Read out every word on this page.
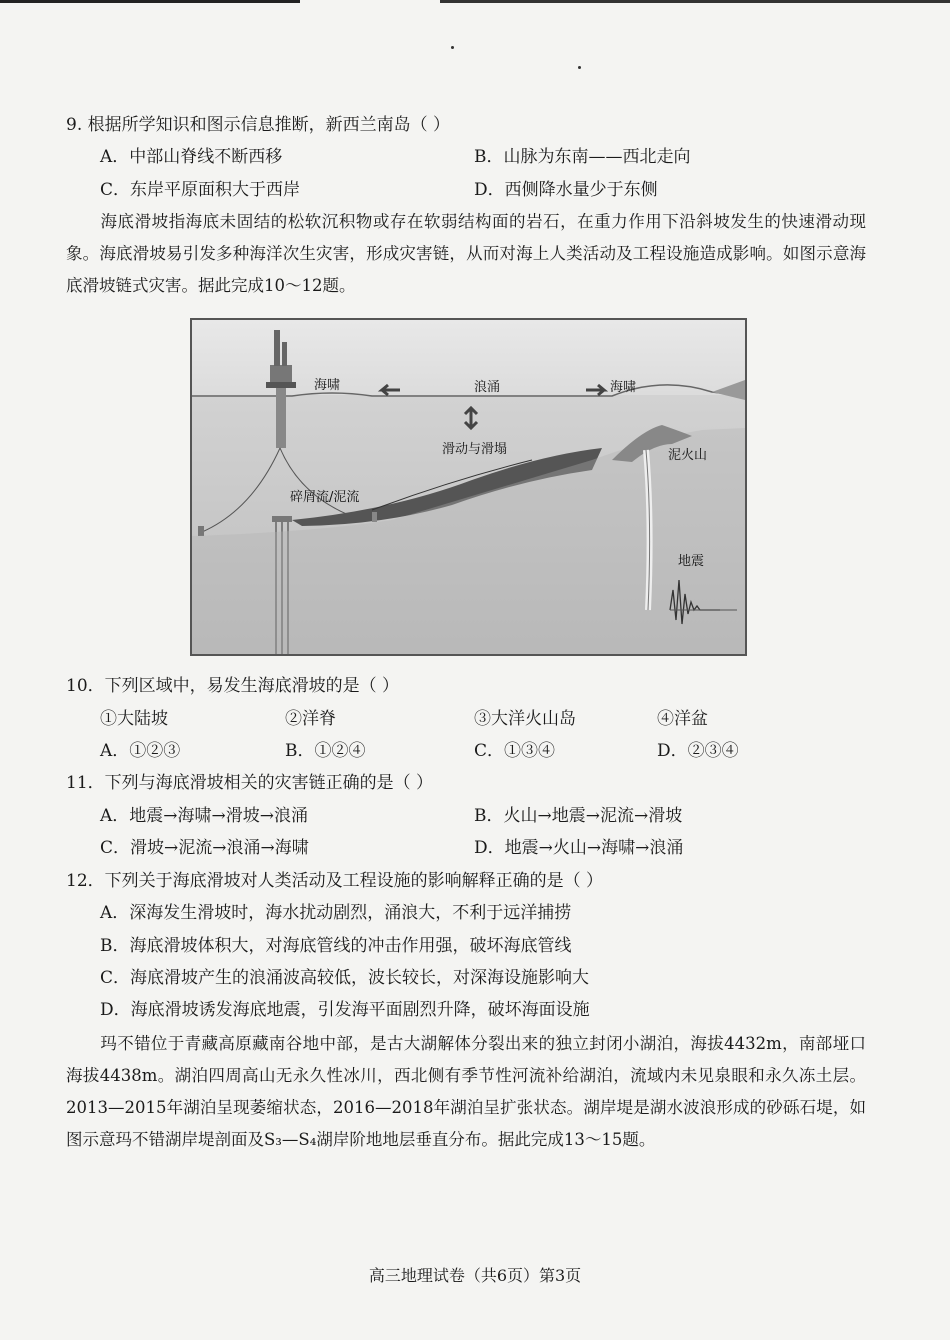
9. 根据所学知识和图示信息推断，新西兰南岛（ ）
A．中部山脊线不断西移	B．山脉为东南——西北走向
C．东岸平原面积大于西岸	D．西侧降水量少于东侧
海底滑坡指海底未固结的松软沉积物或存在软弱结构面的岩石，在重力作用下沿斜坡发生的快速滑动现象。海底滑坡易引发多种海洋次生灾害，形成灾害链，从而对海上人类活动及工程设施造成影响。如图示意海底滑坡链式灾害。据此完成10～12题。
海啸	浪涌	海啸
滑动与滑塌
碎屑流/泥流
泥火山
地震
10．下列区域中，易发生海底滑坡的是（ ）
①大陆坡	②洋脊	③大洋火山岛	④洋盆
A．①②③	B．①②④	C．①③④	D．②③④
11．下列与海底滑坡相关的灾害链正确的是（ ）
A．地震→海啸→滑坡→浪涌	B．火山→地震→泥流→滑坡
C．滑坡→泥流→浪涌→海啸	D．地震→火山→海啸→浪涌
12．下列关于海底滑坡对人类活动及工程设施的影响解释正确的是（ ）
A．深海发生滑坡时，海水扰动剧烈，涌浪大，不利于远洋捕捞
B．海底滑坡体积大，对海底管线的冲击作用强，破坏海底管线
C．海底滑坡产生的浪涌波高较低，波长较长，对深海设施影响大
D．海底滑坡诱发海底地震，引发海平面剧烈升降，破坏海面设施
玛不错位于青藏高原藏南谷地中部，是古大湖解体分裂出来的独立封闭小湖泊，海拔4432m，南部垭口海拔4438m。湖泊四周高山无永久性冰川，西北侧有季节性河流补给湖泊，流域内未见泉眼和永久冻土层。2013—2015年湖泊呈现萎缩状态，2016—2018年湖泊呈扩张状态。湖岸堤是湖水波浪形成的砂砾石堤，如图示意玛不错湖岸堤剖面及S₃—S₄湖岸阶地地层垂直分布。据此完成13～15题。
高三地理试卷（共6页）第3页
